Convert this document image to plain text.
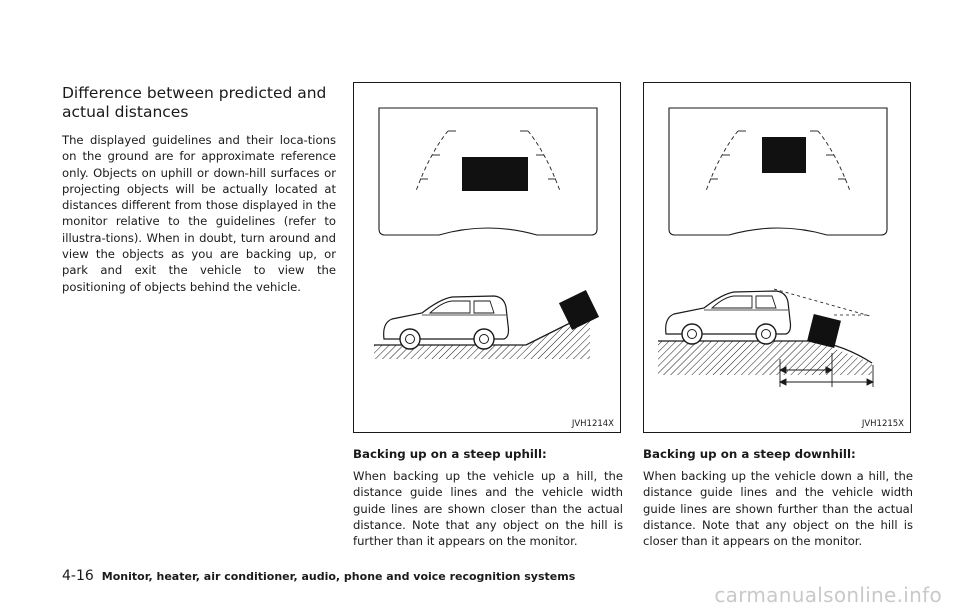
Difference between predicted and
actual distances

The displayed guidelines and their loca-tions on the ground are for approximate reference only. Objects on uphill or down-hill surfaces or projecting objects will be actually located at distances different from those displayed in the monitor relative to the guidelines (refer to illustra-tions). When in doubt, turn around and view the objects as you are backing up, or park and exit the vehicle to view the positioning of objects behind the vehicle.

JVH1214X	JVH1215X

Backing up on a steep uphill:

When backing up the vehicle up a hill, the distance guide lines and the vehicle width guide lines are shown closer than the actual distance. Note that any object on the hill is further than it appears on the monitor.

Backing up on a steep downhill:

When backing up the vehicle down a hill, the distance guide lines and the vehicle width guide lines are shown further than the actual distance. Note that any object on the hill is closer than it appears on the monitor.

4-16 Monitor, heater, air conditioner, audio, phone and voice recognition systems
carmanualsonline.info
